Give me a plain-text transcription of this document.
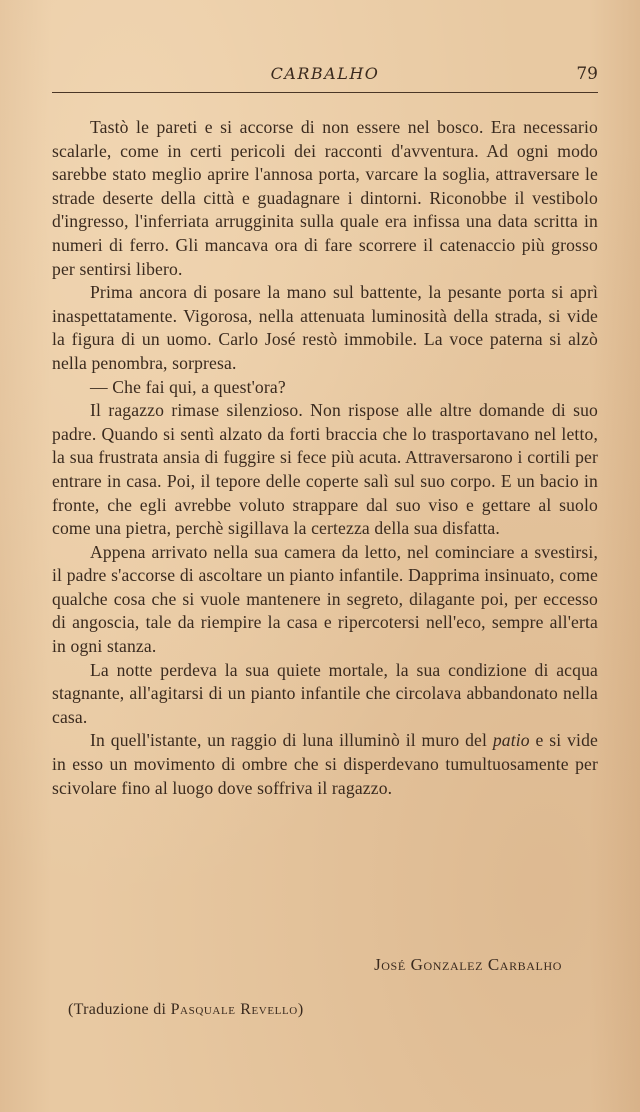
CARBALHO	79

Tastò le pareti e si accorse di non essere nel bosco. Era necessario scalarle, come in certi pericoli dei racconti d'avventura. Ad ogni modo sarebbe stato meglio aprire l'annosa porta, varcare la soglia, attraversare le strade deserte della città e guadagnare i dintorni. Riconobbe il vestibolo d'ingresso, l'inferriata arrugginita sulla quale era infissa una data scritta in numeri di ferro. Gli mancava ora di fare scorrere il catenaccio più grosso per sentirsi libero.

Prima ancora di posare la mano sul battente, la pesante porta si aprì inaspettatamente. Vigorosa, nella attenuata luminosità della strada, si vide la figura di un uomo. Carlo José restò immobile. La voce paterna si alzò nella penombra, sorpresa.

— Che fai qui, a quest'ora?

Il ragazzo rimase silenzioso. Non rispose alle altre domande di suo padre. Quando si sentì alzato da forti braccia che lo trasportavano nel letto, la sua frustrata ansia di fuggire si fece più acuta. Attraversarono i cortili per entrare in casa. Poi, il tepore delle coperte salì sul suo corpo. E un bacio in fronte, che egli avrebbe voluto strappare dal suo viso e gettare al suolo come una pietra, perchè sigillava la certezza della sua disfatta.

Appena arrivato nella sua camera da letto, nel cominciare a svestirsi, il padre s'accorse di ascoltare un pianto infantile. Dapprima insinuato, come qualche cosa che si vuole mantenere in segreto, dilagante poi, per eccesso di angoscia, tale da riempire la casa e ripercotersi nell'eco, sempre all'erta in ogni stanza.

La notte perdeva la sua quiete mortale, la sua condizione di acqua stagnante, all'agitarsi di un pianto infantile che circolava abbandonato nella casa.

In quell'istante, un raggio di luna illuminò il muro del patio e si vide in esso un movimento di ombre che si disperdevano tumultuosamente per scivolare fino al luogo dove soffriva il ragazzo.

José Gonzalez Carbalho
(Traduzione di Pasquale Revello)
